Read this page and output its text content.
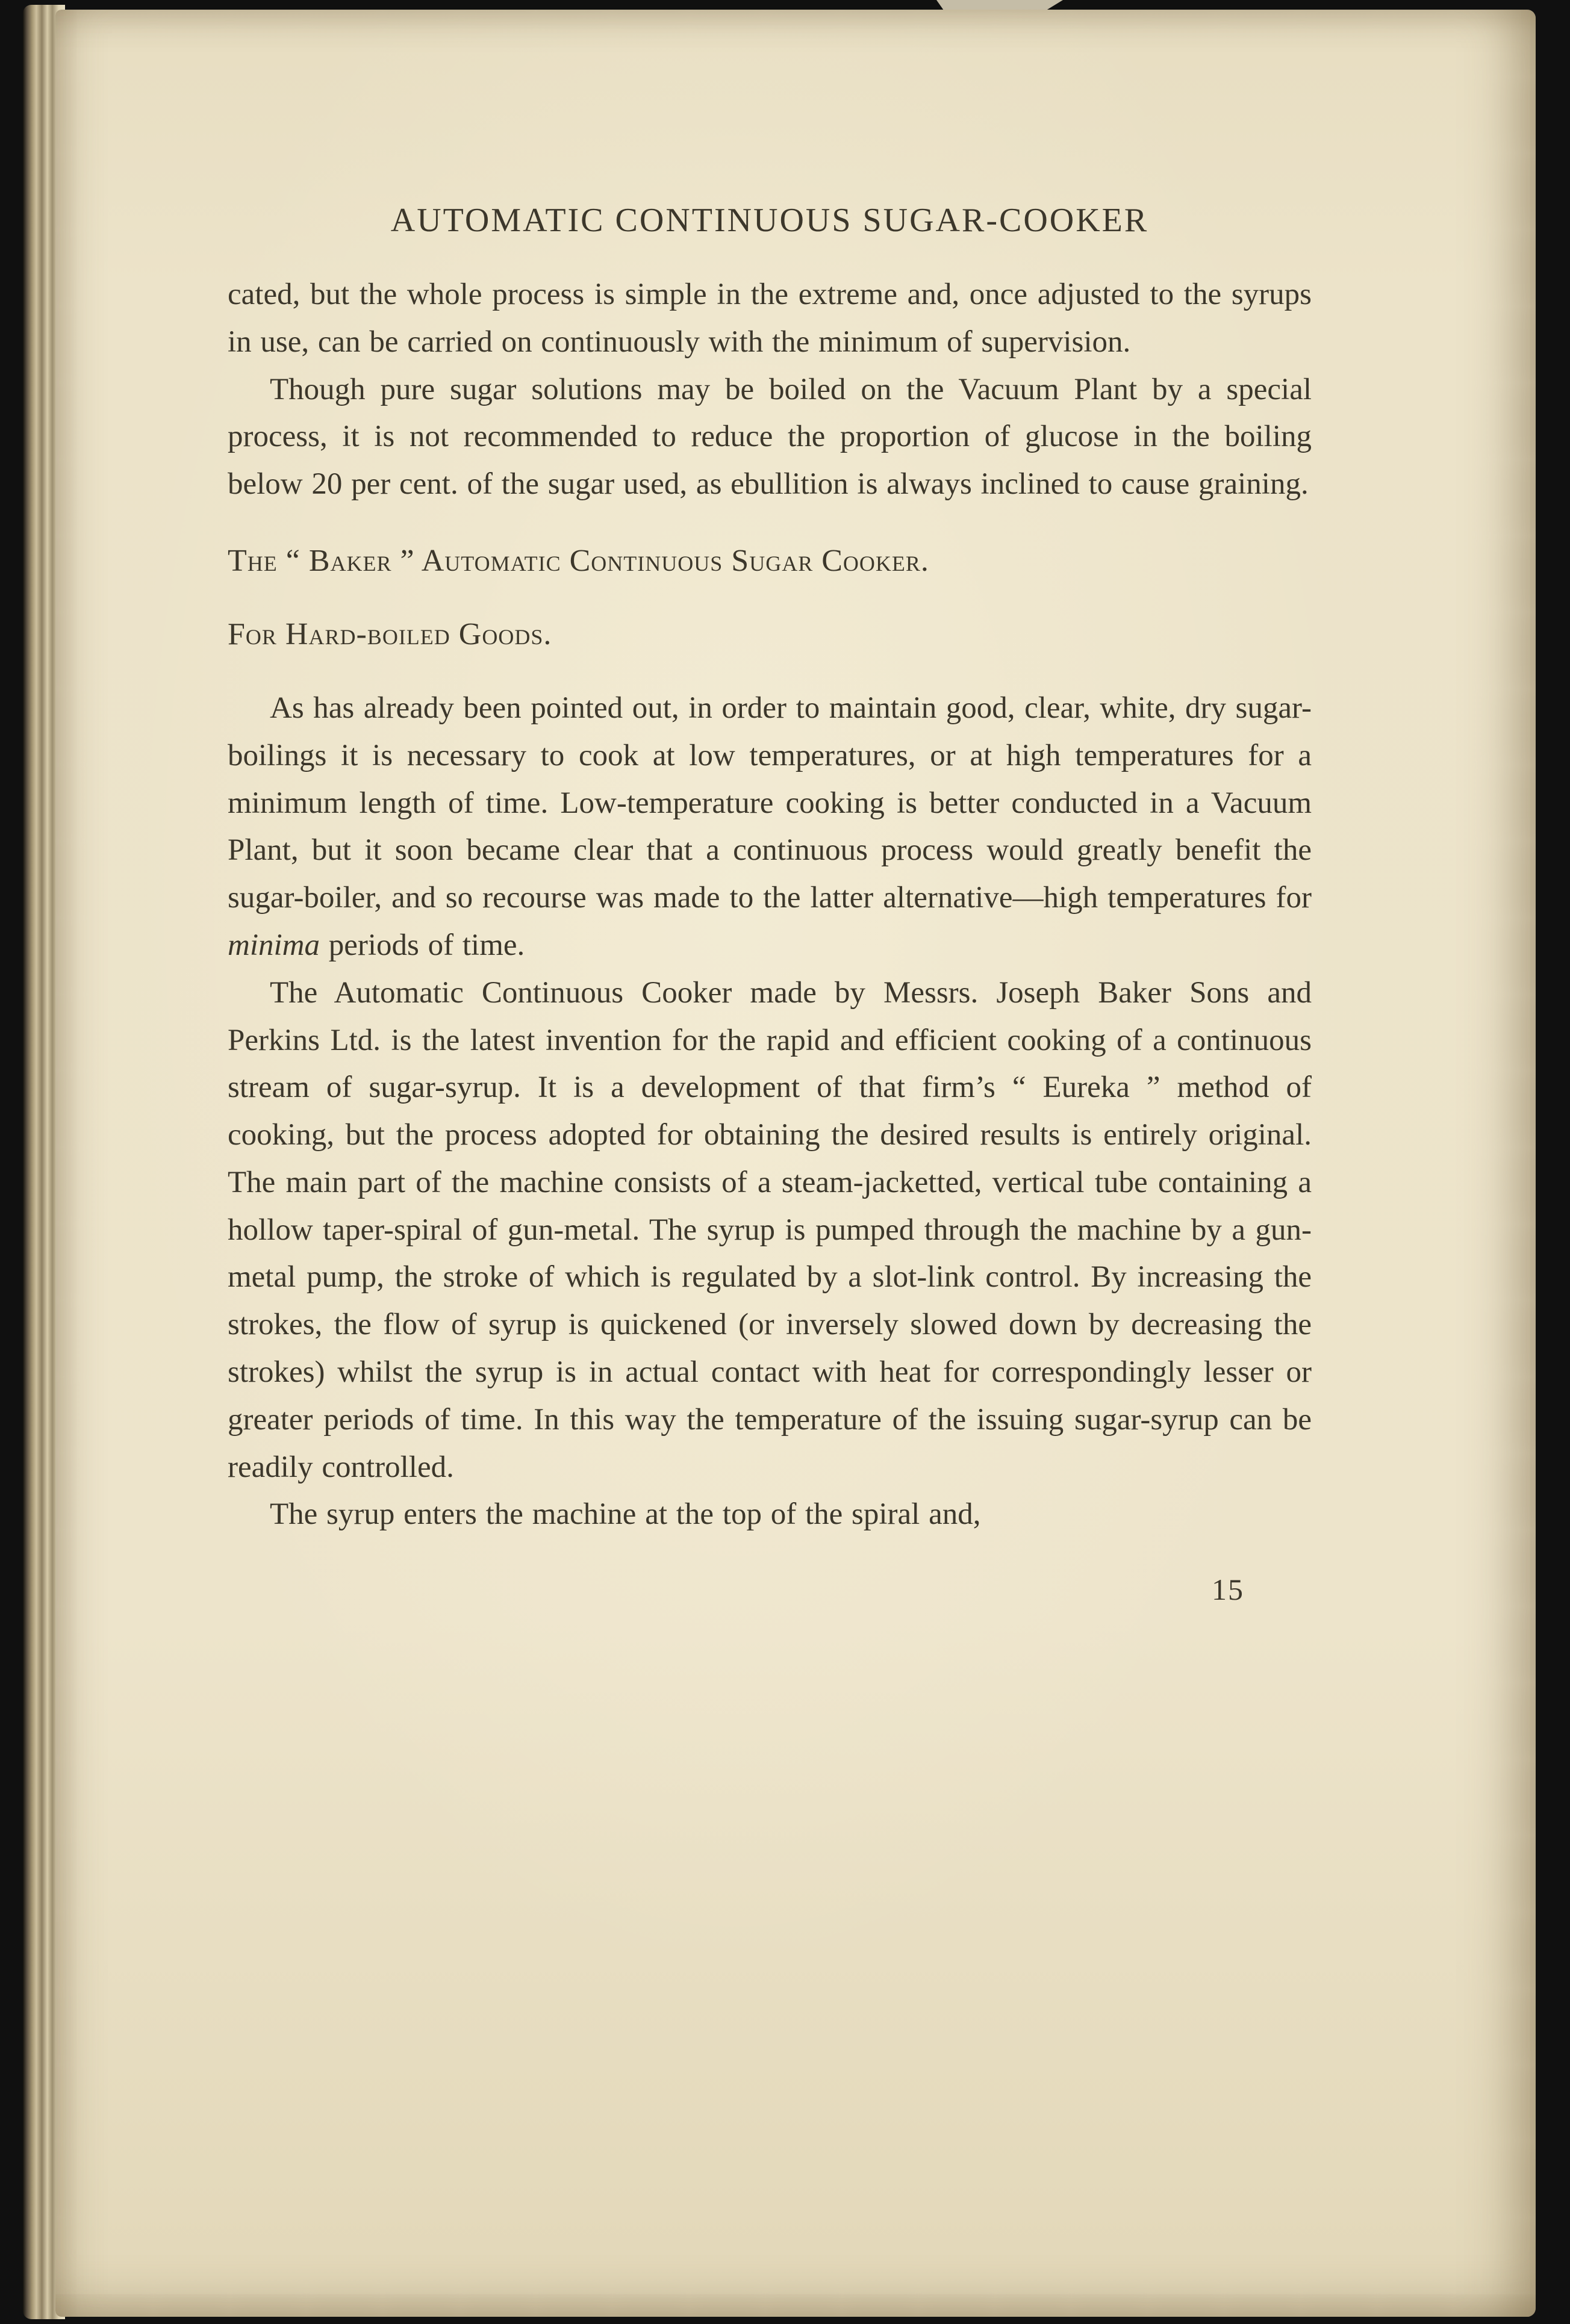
AUTOMATIC CONTINUOUS SUGAR-COOKER

cated, but the whole process is simple in the extreme and, once adjusted to the syrups in use, can be carried on continuously with the minimum of supervision.

Though pure sugar solutions may be boiled on the Vacuum Plant by a special process, it is not recommended to reduce the proportion of glucose in the boiling below 20 per cent. of the sugar used, as ebullition is always inclined to cause graining.

The “ Baker ” Automatic Continuous Sugar Cooker.
For Hard-boiled Goods.

As has already been pointed out, in order to maintain good, clear, white, dry sugar-boilings it is necessary to cook at low temperatures, or at high temperatures for a minimum length of time. Low-temperature cooking is better conducted in a Vacuum Plant, but it soon became clear that a continuous process would greatly benefit the sugar-boiler, and so recourse was made to the latter alternative—high temperatures for minima periods of time.

The Automatic Continuous Cooker made by Messrs. Joseph Baker Sons and Perkins Ltd. is the latest invention for the rapid and efficient cooking of a continuous stream of sugar-syrup. It is a development of that firm’s “ Eureka ” method of cooking, but the process adopted for obtaining the desired results is entirely original. The main part of the machine consists of a steam-jacketted, vertical tube containing a hollow taper-spiral of gun-metal. The syrup is pumped through the machine by a gun-metal pump, the stroke of which is regulated by a slot-link control. By increasing the strokes, the flow of syrup is quickened (or inversely slowed down by decreasing the strokes) whilst the syrup is in actual contact with heat for correspondingly lesser or greater periods of time. In this way the temperature of the issuing sugar-syrup can be readily controlled.

The syrup enters the machine at the top of the spiral and,

15
